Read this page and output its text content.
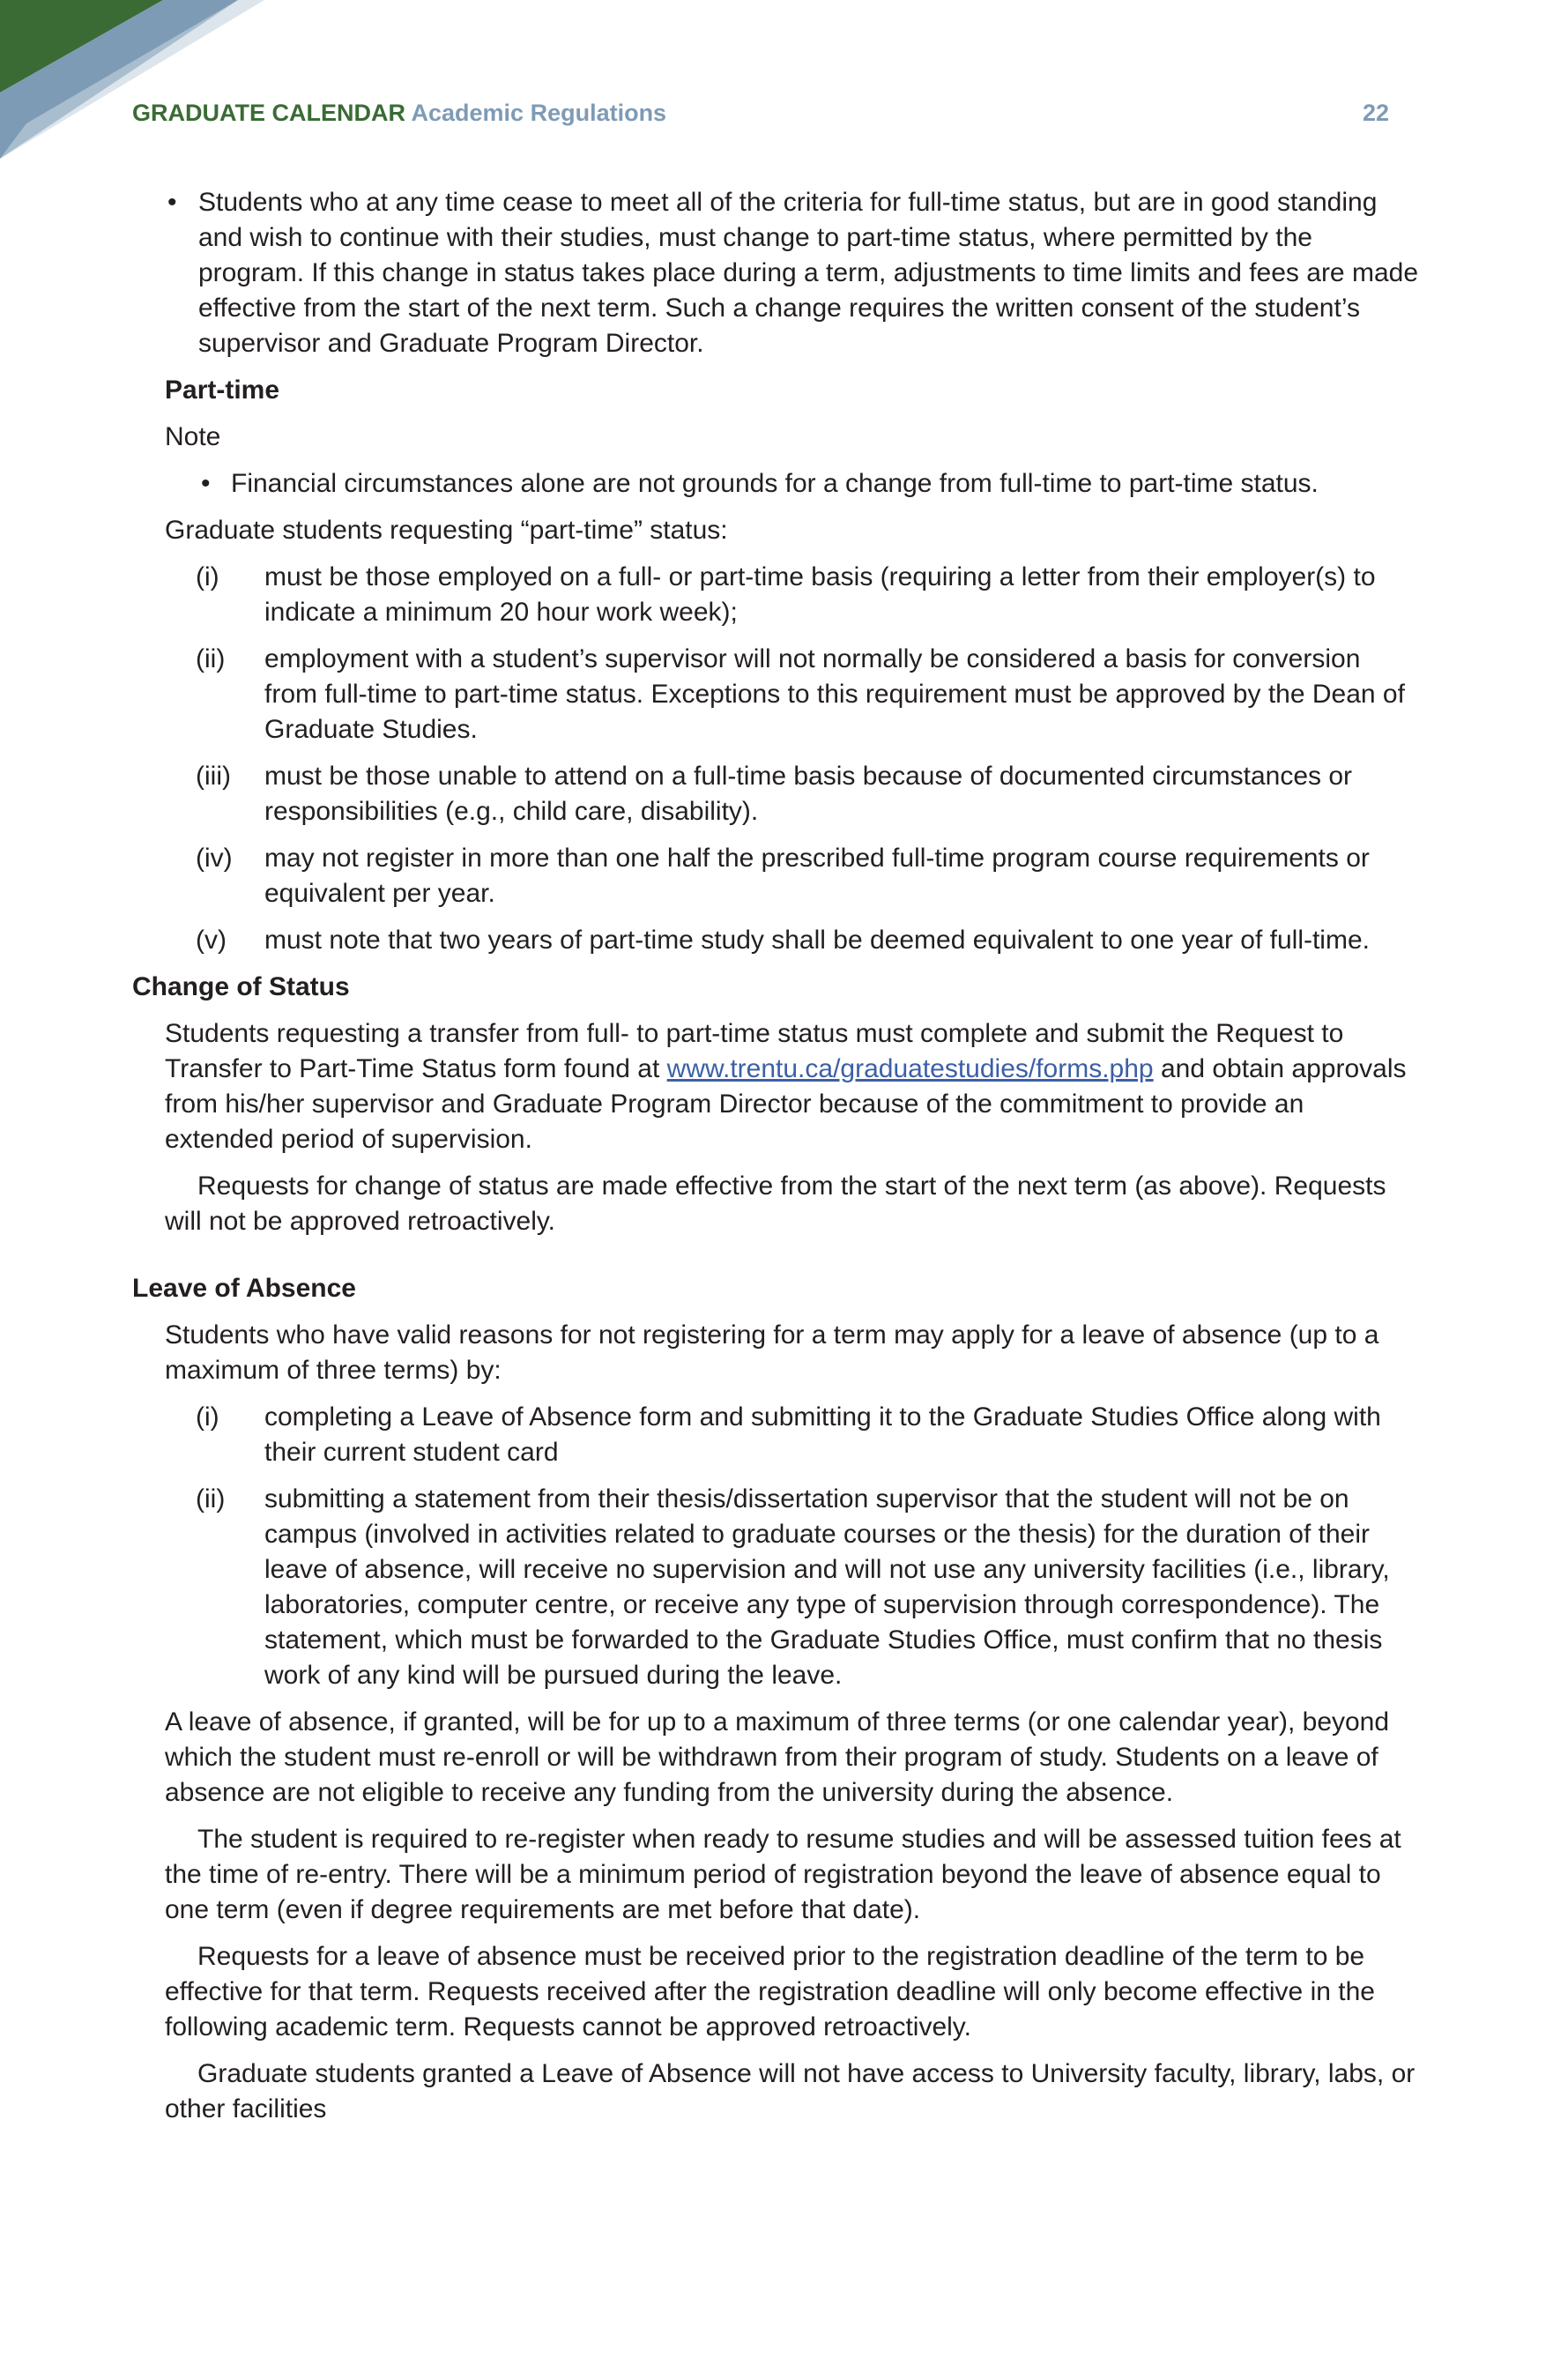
GRADUATE CALENDAR Academic Regulations	22

• Students who at any time cease to meet all of the criteria for full-time status, but are in good standing and wish to continue with their studies, must change to part-time status, where permitted by the program. If this change in status takes place during a term, adjustments to time limits and fees are made effective from the start of the next term. Such a change requires the written consent of the student’s supervisor and Graduate Program Director.

Part-time

Note

• Financial circumstances alone are not grounds for a change from full-time to part-time status.

Graduate students requesting “part-time” status:

(i) must be those employed on a full- or part-time basis (requiring a letter from their employer(s) to indicate a minimum 20 hour work week);

(ii) employment with a student’s supervisor will not normally be considered a basis for conversion from full-time to part-time status. Exceptions to this requirement must be approved by the Dean of Graduate Studies.

(iii) must be those unable to attend on a full-time basis because of documented circumstances or responsibilities (e.g., child care, disability).

(iv) may not register in more than one half the prescribed full-time program course requirements or equivalent per year.

(v) must note that two years of part-time study shall be deemed equivalent to one year of full-time.

Change of Status

Students requesting a transfer from full- to part-time status must complete and submit the Request to Transfer to Part-Time Status form found at www.trentu.ca/graduatestudies/forms.php and obtain approvals from his/her supervisor and Graduate Program Director because of the commitment to provide an extended period of supervision.

Requests for change of status are made effective from the start of the next term (as above). Requests will not be approved retroactively.

Leave of Absence

Students who have valid reasons for not registering for a term may apply for a leave of absence (up to a maximum of three terms) by:

(i) completing a Leave of Absence form and submitting it to the Graduate Studies Office along with their current student card

(ii) submitting a statement from their thesis/dissertation supervisor that the student will not be on campus (involved in activities related to graduate courses or the thesis) for the duration of their leave of absence, will receive no supervision and will not use any university facilities (i.e., library, laboratories, computer centre, or receive any type of supervision through correspondence). The statement, which must be forwarded to the Graduate Studies Office, must confirm that no thesis work of any kind will be pursued during the leave.

A leave of absence, if granted, will be for up to a maximum of three terms (or one calendar year), beyond which the student must re-enroll or will be withdrawn from their program of study. Students on a leave of absence are not eligible to receive any funding from the university during the absence.

The student is required to re-register when ready to resume studies and will be assessed tuition fees at the time of re-entry. There will be a minimum period of registration beyond the leave of absence equal to one term (even if degree requirements are met before that date).

Requests for a leave of absence must be received prior to the registration deadline of the term to be effective for that term. Requests received after the registration deadline will only become effective in the following academic term. Requests cannot be approved retroactively.

Graduate students granted a Leave of Absence will not have access to University faculty, library, labs, or other facilities
